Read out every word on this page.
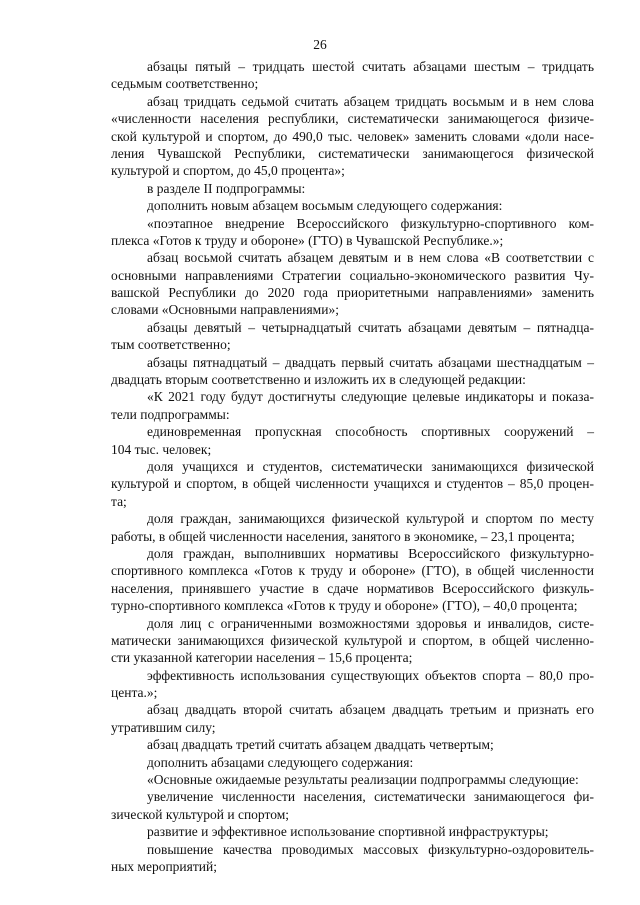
26
абзацы пятый – тридцать шестой считать абзацами шестым – тридцать
седьмым соответственно;
абзац тридцать седьмой считать абзацем тридцать восьмым и в нем слова
«численности населения республики, систематически занимающегося физиче-
ской культурой и спортом, до 490,0 тыс. человек» заменить словами «доли насе-
ления Чувашской Республики, систематически занимающегося физической
культурой и спортом, до 45,0 процента»;
в разделе II подпрограммы:
дополнить новым абзацем восьмым следующего содержания:
«поэтапное внедрение Всероссийского физкультурно-спортивного ком-
плекса «Готов к труду и обороне» (ГТО) в Чувашской Республике.»;
абзац восьмой считать абзацем девятым и в нем слова «В соответствии с
основными направлениями Стратегии социально-экономического развития Чу-
вашской Республики до 2020 года приоритетными направлениями» заменить
словами «Основными направлениями»;
абзацы девятый – четырнадцатый считать абзацами девятым – пятнадца-
тым соответственно;
абзацы пятнадцатый – двадцать первый считать абзацами шестнадцатым –
двадцать вторым соответственно и изложить их в следующей редакции:
«К 2021 году будут достигнуты следующие целевые индикаторы и показа-
тели подпрограммы:
единовременная пропускная способность спортивных сооружений –
104 тыс. человек;
доля учащихся и студентов, систематически занимающихся физической
культурой и спортом, в общей численности учащихся и студентов – 85,0 процен-
та;
доля граждан, занимающихся физической культурой и спортом по месту
работы, в общей численности населения, занятого в экономике, – 23,1 процента;
доля граждан, выполнивших нормативы Всероссийского физкультурно-
спортивного комплекса «Готов к труду и обороне» (ГТО), в общей численности
населения, принявшего участие в сдаче нормативов Всероссийского физкуль-
турно-спортивного комплекса «Готов к труду и обороне» (ГТО), – 40,0 процента;
доля лиц с ограниченными возможностями здоровья и инвалидов, систе-
матически занимающихся физической культурой и спортом, в общей численно-
сти указанной категории населения – 15,6 процента;
эффективность использования существующих объектов спорта – 80,0 про-
цента.»;
абзац двадцать второй считать абзацем двадцать третьим и признать его
утратившим силу;
абзац двадцать третий считать абзацем двадцать четвертым;
дополнить абзацами следующего содержания:
«Основные ожидаемые результаты реализации подпрограммы следующие:
увеличение численности населения, систематически занимающегося фи-
зической культурой и спортом;
развитие и эффективное использование спортивной инфраструктуры;
повышение качества проводимых массовых физкультурно-оздоровитель-
ных мероприятий;
